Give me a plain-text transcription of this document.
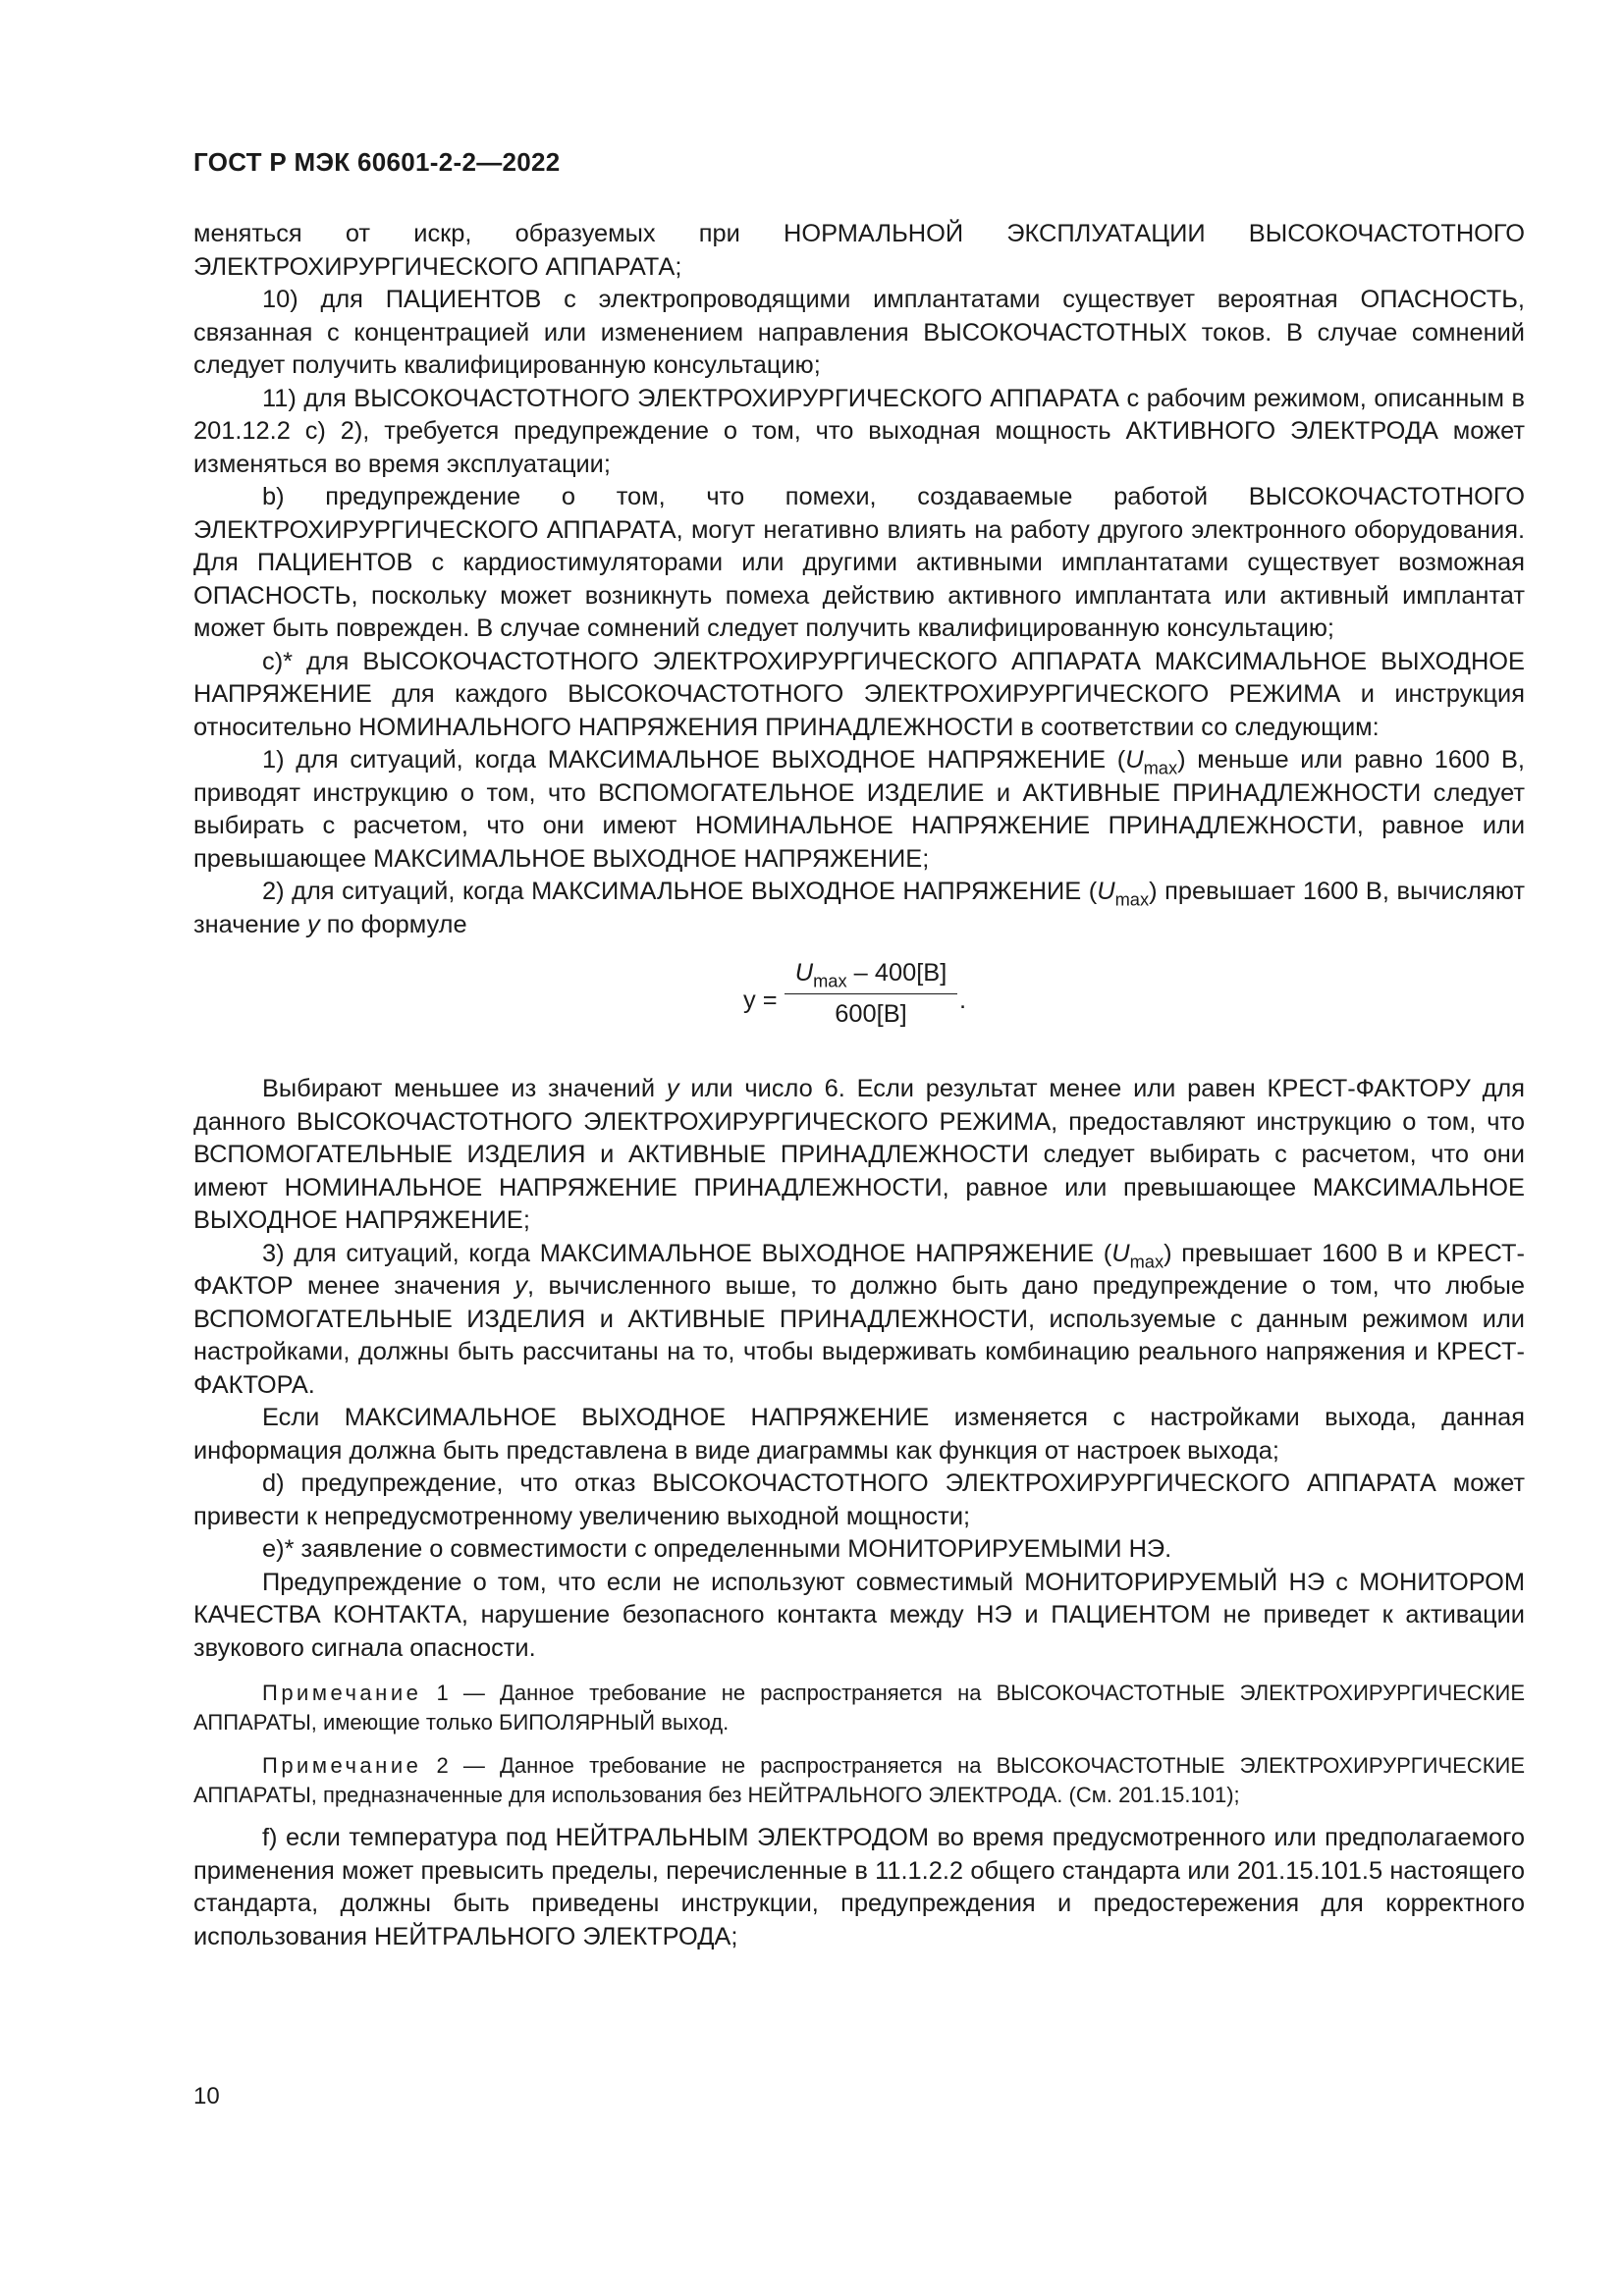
ГОСТ Р МЭК 60601-2-2—2022

меняться от искр, образуемых при НОРМАЛЬНОЙ ЭКСПЛУАТАЦИИ ВЫСОКОЧАСТОТНОГО ЭЛЕКТРОХИРУРГИЧЕСКОГО АППАРАТА;

10) для ПАЦИЕНТОВ с электропроводящими имплантатами существует вероятная ОПАСНОСТЬ, связанная с концентрацией или изменением направления ВЫСОКОЧАСТОТНЫХ токов. В случае сомнений следует получить квалифицированную консультацию;

11) для ВЫСОКОЧАСТОТНОГО ЭЛЕКТРОХИРУРГИЧЕСКОГО АППАРАТА с рабочим режимом, описанным в 201.12.2 c) 2), требуется предупреждение о том, что выходная мощность АКТИВНОГО ЭЛЕКТРОДА может изменяться во время эксплуатации;

b) предупреждение о том, что помехи, создаваемые работой ВЫСОКОЧАСТОТНОГО ЭЛЕКТРОХИРУРГИЧЕСКОГО АППАРАТА, могут негативно влиять на работу другого электронного оборудования. Для ПАЦИЕНТОВ с кардиостимуляторами или другими активными имплантатами существует возможная ОПАСНОСТЬ, поскольку может возникнуть помеха действию активного имплантата или активный имплантат может быть поврежден. В случае сомнений следует получить квалифицированную консультацию;

c)* для ВЫСОКОЧАСТОТНОГО ЭЛЕКТРОХИРУРГИЧЕСКОГО АППАРАТА МАКСИМАЛЬНОЕ ВЫХОДНОЕ НАПРЯЖЕНИЕ для каждого ВЫСОКОЧАСТОТНОГО ЭЛЕКТРОХИРУРГИЧЕСКОГО РЕЖИМА и инструкция относительно НОМИНАЛЬНОГО НАПРЯЖЕНИЯ ПРИНАДЛЕЖНОСТИ в соответствии со следующим:

1) для ситуаций, когда МАКСИМАЛЬНОЕ ВЫХОДНОЕ НАПРЯЖЕНИЕ $(U_{max})$ меньше или равно 1600 В, приводят инструкцию о том, что ВСПОМОГАТЕЛЬНОЕ ИЗДЕЛИЕ и АКТИВНЫЕ ПРИНАДЛЕЖНОСТИ следует выбирать с расчетом, что они имеют НОМИНАЛЬНОЕ НАПРЯЖЕНИЕ ПРИНАДЛЕЖНОСТИ, равное или превышающее МАКСИМАЛЬНОЕ ВЫХОДНОЕ НАПРЯЖЕНИЕ;

2) для ситуаций, когда МАКСИМАЛЬНОЕ ВЫХОДНОЕ НАПРЯЖЕНИЕ $(U_{max})$ превышает 1600 В, вычисляют значение y по формуле

y =
$U_{max} - 400[В]$
600[В]	.

Выбирают меньшее из значений y или число 6. Если результат менее или равен КРЕСТ-ФАКТОРУ для данного ВЫСОКОЧАСТОТНОГО ЭЛЕКТРОХИРУРГИЧЕСКОГО РЕЖИМА, предоставляют инструкцию о том, что ВСПОМОГАТЕЛЬНЫЕ ИЗДЕЛИЯ и АКТИВНЫЕ ПРИНАДЛЕЖНОСТИ следует выбирать с расчетом, что они имеют НОМИНАЛЬНОЕ НАПРЯЖЕНИЕ ПРИНАДЛЕЖНОСТИ, равное или превышающее МАКСИМАЛЬНОЕ ВЫХОДНОЕ НАПРЯЖЕНИЕ;

3) для ситуаций, когда МАКСИМАЛЬНОЕ ВЫХОДНОЕ НАПРЯЖЕНИЕ $(U_{max})$ превышает 1600 В и КРЕСТ-ФАКТОР менее значения y, вычисленного выше, то должно быть дано предупреждение о том, что любые ВСПОМОГАТЕЛЬНЫЕ ИЗДЕЛИЯ и АКТИВНЫЕ ПРИНАДЛЕЖНОСТИ, используемые с данным режимом или настройками, должны быть рассчитаны на то, чтобы выдерживать комбинацию реального напряжения и КРЕСТ-ФАКТОРА.

Если МАКСИМАЛЬНОЕ ВЫХОДНОЕ НАПРЯЖЕНИЕ изменяется с настройками выхода, данная информация должна быть представлена в виде диаграммы как функция от настроек выхода;

d) предупреждение, что отказ ВЫСОКОЧАСТОТНОГО ЭЛЕКТРОХИРУРГИЧЕСКОГО АППАРАТА может привести к непредусмотренному увеличению выходной мощности;

e)* заявление о совместимости с определенными МОНИТОРИРУЕМЫМИ НЭ.

Предупреждение о том, что если не используют совместимый МОНИТОРИРУЕМЫЙ НЭ с МОНИТОРОМ КАЧЕСТВА КОНТАКТА, нарушение безопасного контакта между НЭ и ПАЦИЕНТОМ не приведет к активации звукового сигнала опасности.

Примечание 1 — Данное требование не распространяется на ВЫСОКОЧАСТОТНЫЕ ЭЛЕКТРОХИРУРГИЧЕСКИЕ АППАРАТЫ, имеющие только БИПОЛЯРНЫЙ выход.

Примечание 2 — Данное требование не распространяется на ВЫСОКОЧАСТОТНЫЕ ЭЛЕКТРОХИРУРГИЧЕСКИЕ АППАРАТЫ, предназначенные для использования без НЕЙТРАЛЬНОГО ЭЛЕКТРОДА. (См. 201.15.101);

f) если температура под НЕЙТРАЛЬНЫМ ЭЛЕКТРОДОМ во время предусмотренного или предполагаемого применения может превысить пределы, перечисленные в 11.1.2.2 общего стандарта или 201.15.101.5 настоящего стандарта, должны быть приведены инструкции, предупреждения и предостережения для корректного использования НЕЙТРАЛЬНОГО ЭЛЕКТРОДА;

10
